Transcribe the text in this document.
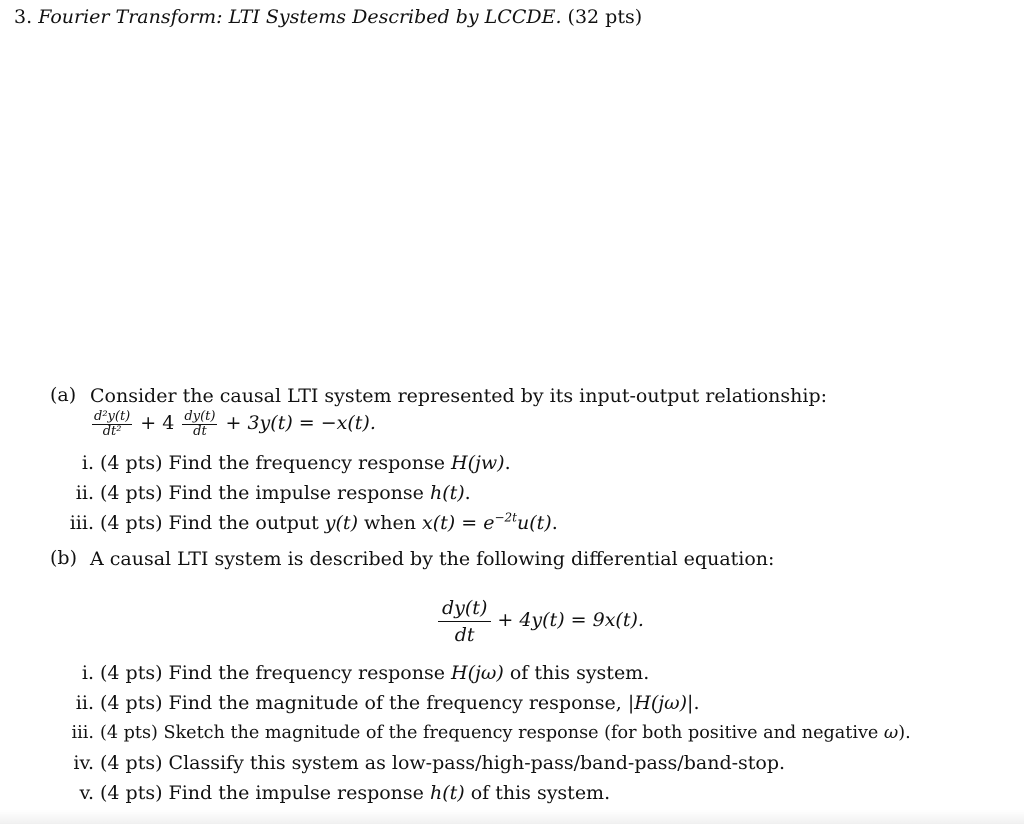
3. Fourier Transform: LTI Systems Described by LCCDE. (32 pts)
(a) Consider the causal LTI system represented by its input-output relationship:
$\frac{\text{d²y(t)}}{\text{dt²}} + 4 \frac{dy(t)}{dt} + 3y(t) = -x(t)$.
i. (4 pts) Find the frequency response H(jw).
ii. (4 pts) Find the impulse response h(t).
iii. (4 pts) Find the output y(t) when $x(t) = e^{-2t}u(t)$.
(b) A causal LTI system is described by the following differential equation:
$\frac{dy(t)}{dt} + 4y(t) = 9x(t)$.
i. (4 pts) Find the frequency response H(jω) of this system.
ii. (4 pts) Find the magnitude of the frequency response, |H(jω)|.
iii. (4 pts) Sketch the magnitude of the frequency response (for both positive and negative ω).
iv. (4 pts) Classify this system as low-pass/high-pass/band-pass/band-stop.
v. (4 pts) Find the impulse response h(t) of this system.
